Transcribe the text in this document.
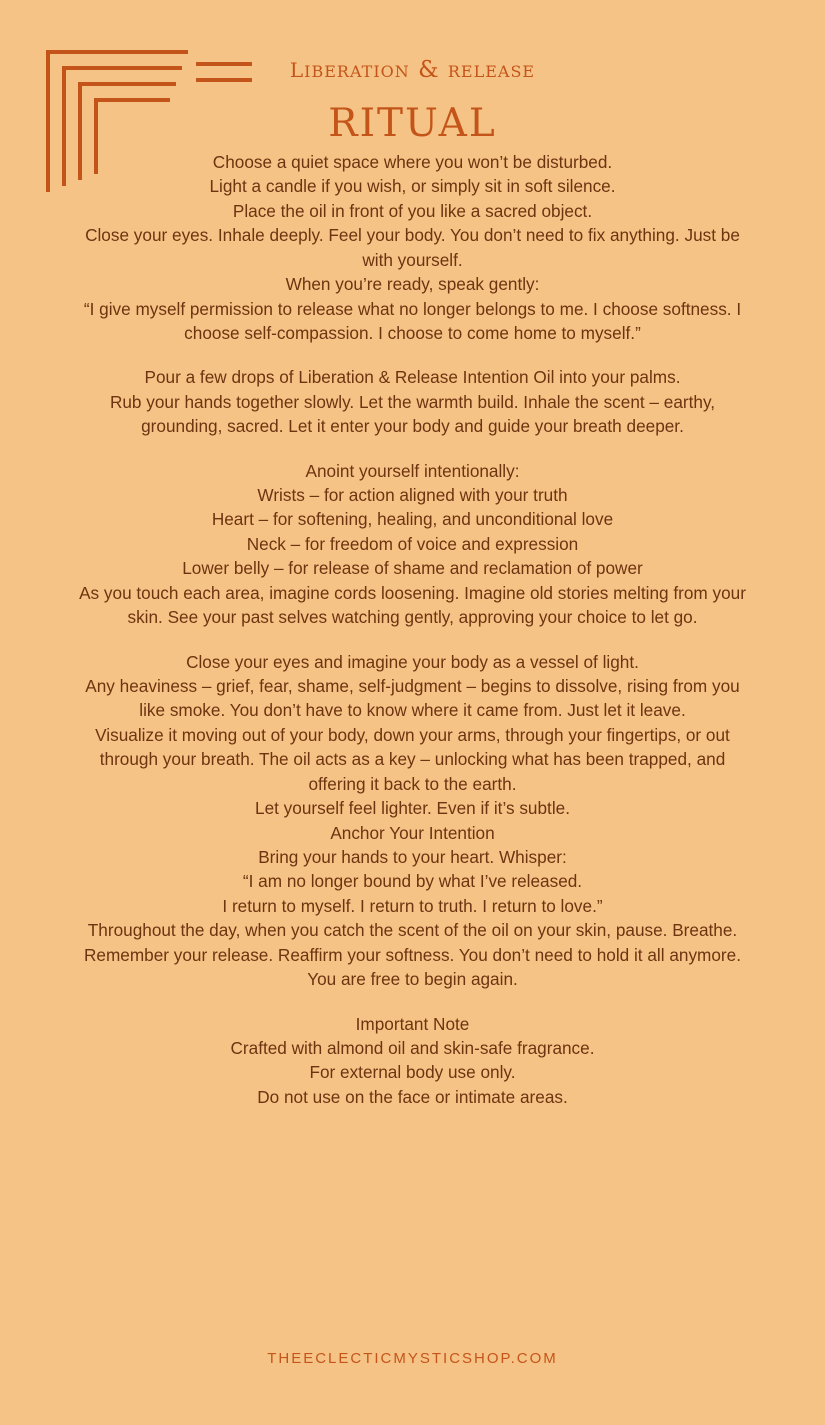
liberation & release
ritual
Choose a quiet space where you won’t be disturbed.
Light a candle if you wish, or simply sit in soft silence.
Place the oil in front of you like a sacred object.
Close your eyes. Inhale deeply. Feel your body. You don’t need to fix anything. Just be with yourself.
When you’re ready, speak gently:
“I give myself permission to release what no longer belongs to me. I choose softness. I choose self-compassion. I choose to come home to myself.”
Pour a few drops of Liberation & Release Intention Oil into your palms.
Rub your hands together slowly. Let the warmth build. Inhale the scent – earthy, grounding, sacred. Let it enter your body and guide your breath deeper.
Anoint yourself intentionally:
Wrists – for action aligned with your truth
Heart – for softening, healing, and unconditional love
Neck – for freedom of voice and expression
Lower belly – for release of shame and reclamation of power
As you touch each area, imagine cords loosening. Imagine old stories melting from your skin. See your past selves watching gently, approving your choice to let go.
Close your eyes and imagine your body as a vessel of light.
Any heaviness – grief, fear, shame, self-judgment – begins to dissolve, rising from you like smoke. You don’t have to know where it came from. Just let it leave.
Visualize it moving out of your body, down your arms, through your fingertips, or out through your breath. The oil acts as a key – unlocking what has been trapped, and offering it back to the earth.
Let yourself feel lighter. Even if it’s subtle.
Anchor Your Intention
Bring your hands to your heart. Whisper:
“I am no longer bound by what I’ve released.
I return to myself. I return to truth. I return to love.”
Throughout the day, when you catch the scent of the oil on your skin, pause. Breathe. Remember your release. Reaffirm your softness. You don’t need to hold it all anymore.
You are free to begin again.
Important Note
Crafted with almond oil and skin-safe fragrance.
For external body use only.
Do not use on the face or intimate areas.
THEECLECTICMYSTICSHOP.COM
